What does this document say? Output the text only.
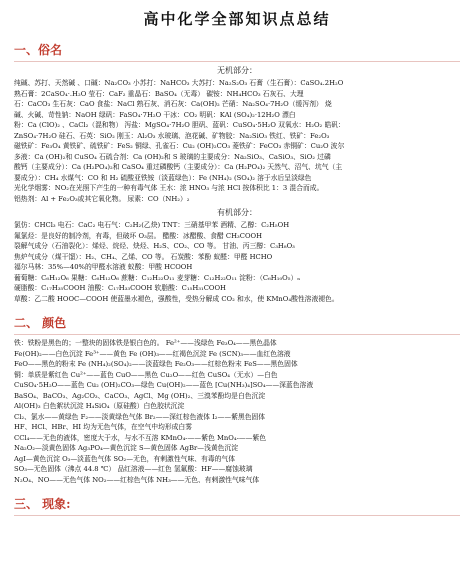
高中化学全部知识点总结
一、俗名
无机部分：
纯碱、苏打、天然碱 、口碱：Na₂CO₃ 小苏打：NaHCO₃ 大苏打：Na₂S₂O₃ 石膏（生石膏）：CaSO₄.2H₂O
熟石膏：2CaSO₄·.H₂O 莹石：CaF₂ 重晶石：BaSO₄（无毒） 碳铵：NH₄HCO₃ 石灰石、大理
石：CaCO₃ 生石灰：CaO 食盐：NaCl 熟石灰、消石灰：Ca(OH)₂ 芒硝：Na₂SO₄·7H₂O（缓泻剂） 烧
碱、火碱、苛性钠：NaOH 绿矾：FaSO₄·7H₂O 干冰：CO₂ 明矾：KAl (SO₄)₂·12H₂O 漂白
粉：Ca (ClO)₂ 、CaCl₂（混和物） 泻盐：MgSO₄·7H₂O 胆矾、蓝矾：CuSO₄·5H₂O 双氧水：H₂O₂ 皓矾：
ZnSO₄·7H₂O 硅石、石英：SiO₂ 刚玉：Al₂O₃ 水玻璃、泡花碱、矿物胶：Na₂SiO₃ 铁红、铁矿：Fe₂O₃
磁铁矿：Fe₃O₄ 黄铁矿、硫铁矿：FeS₂ 铜绿、孔雀石：Cu₂ (OH)₂CO₃ 菱铁矿：FeCO₃ 赤铜矿：Cu₂O 波尔
多液：Ca (OH)₂和 CuSO₄ 石硫合剂：Ca (OH)₂和 S 玻璃的主要成分：Na₂SiO₃、CaSiO₃、SiO₂ 过磷
酸钙（主要成分）：Ca (H₂PO₄)₂和 CaSO₄ 重过磷酸钙（主要成分）：Ca (H₂PO₄)₂ 天然气、沼气、坑气（主
要成分）：CH₄ 水煤气：CO 和 H₂ 硫酸亚铁铵（淡蓝绿色）：Fe (NH₄)₂ (SO₄)₂ 溶于水后呈淡绿色
光化学烟雾：NO₂在光照下产生的一种有毒气体 王水：浓 HNO₃ 与浓 HCl 按体积比 1：3 混合而成。
铝热剂：Al + Fe₂O₃或其它氧化物。 尿素：CO（NH₂）₂
有机部分：
氯仿：CHCl₃ 电石：CaC₂ 电石气：C₂H₂(乙炔) TNT：三硝基甲苯 酒精、乙醇：C₂H₅OH
氟氯烃：是良好的制冷剂，有毒，但破坏 O₃层。 醋酸：冰醋酸、食醋 CH₃COOH
裂解气成分（石油裂化）：烯烃、烷烃、炔烃、H₂S、CO₂、CO 等。 甘油、丙三醇：C₃H₈O₃
焦炉气成分（煤干馏）：H₂、CH₄、乙烯、CO 等。 石炭酸：苯酚 蚁醛：甲醛 HCHO
福尔马林：35%—40%的甲醛水溶液 蚁酸：甲酸 HCOOH
葡萄糖：C₆H₁₂O₆ 果糖：C₆H₁₂O₆ 蔗糖：C₁₂H₂₂O₁₁ 麦芽糖：C₁₂H₂₂O₁₁ 淀粉：（C₆H₁₀O₅）ₙ
硬脂酸：C₁₇H₃₅COOH 油酸：C₁₇H₃₃COOH 软脂酸：C₁₅H₃₁COOH
草酸：乙二酸 HOOC—COOH 使蓝墨水褪色，强酸性，受热分解成 CO₂ 和水，使 KMnO₄酸性溶液褪色。
二、 颜色
铁：铁粉是黑色的；一整块的固体铁是银白色的。 Fe²⁺——浅绿色 Fe₃O₄——黑色晶体
Fe(OH)₂——白色沉淀 Fe³⁺——黄色 Fe (OH)₃——红褐色沉淀 Fe (SCN)₃——血红色溶液
FeO——黑色的粉末 Fe (NH₄)₂(SO₄)₂——淡蓝绿色 Fe₂O₃——红棕色粉末 FeS——黑色固体
铜：单质是紫红色 Cu²⁺——蓝色 CuO——黑色 Cu₂O——红色 CuSO₄（无水）—白色
CuSO₄·5H₂O——蓝色 Cu₂ (OH)₂CO₃—绿色 Cu(OH)₂——蓝色 [Cu(NH₃)₄]SO₄——深蓝色溶液
BaSO₄、BaCO₃、Ag₂CO₃、CaCO₃、AgCl、Mg (OH)₂、三溴苯酚均是白色沉淀
Al(OH)₃ 白色絮状沉淀 H₄SiO₄（原硅酸）白色胶状沉淀
Cl₂、氯水——黄绿色 F₂——淡黄绿色气体 Br₂——深红棕色液体 I₂——紫黑色固体
HF、HCl、HBr、HI 均为无色气体，在空气中均形成白雾
CCl₄——无色的液体，密度大于水，与水不互溶 KMnO₄-——紫色 MnO₄-——紫色
Na₂O₂—淡黄色固体 Ag₃PO₄—黄色沉淀 S—黄色固体 AgBr—浅黄色沉淀
AgI—黄色沉淀 O₃—淡蓝色气体 SO₂—无色，有剌激性气味、有毒的气体
SO₃—无色固体（沸点 44.8 ℃） 品红溶液——红色 氢氟酸：HF——腐蚀玻璃
N₂O₄、NO——无色气体 NO₂——红棕色气体 NH₃——无色、有剌激性气味气体
三、 现象:
